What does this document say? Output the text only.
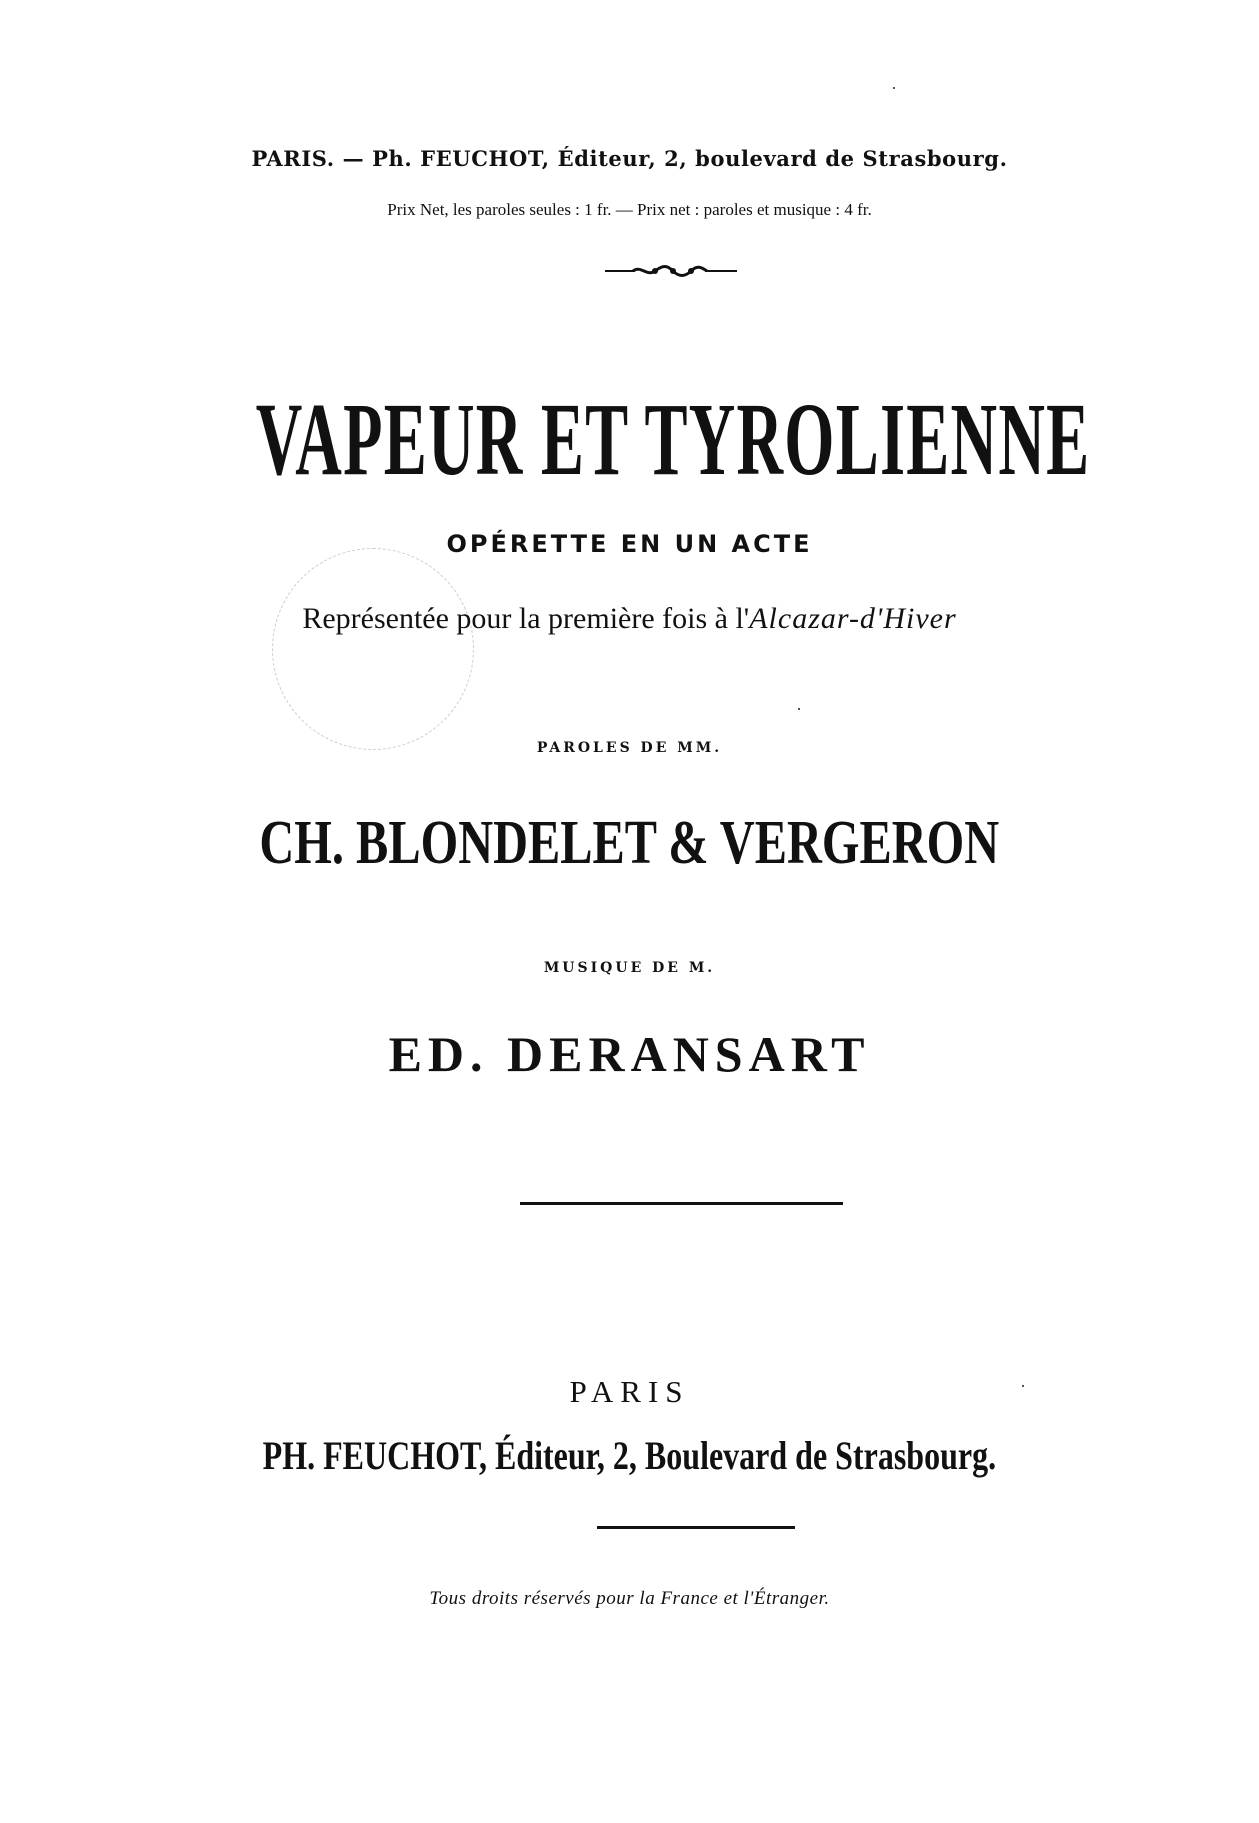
PARIS. — Ph. FEUCHOT, Éditeur, 2, boulevard de Strasbourg.
Prix Net, les paroles seules : 1 fr. — Prix net : paroles et musique : 4 fr.
VAPEUR ET TYROLIENNE
OPÉRETTE EN UN ACTE
Représentée pour la première fois à l'Alcazar-d'Hiver
PAROLES DE MM.
CH. BLONDELET & VERGERON
MUSIQUE DE M.
ED. DERANSART
PARIS
PH. FEUCHOT, Éditeur, 2, Boulevard de Strasbourg.
Tous droits réservés pour la France et l'Étranger.
